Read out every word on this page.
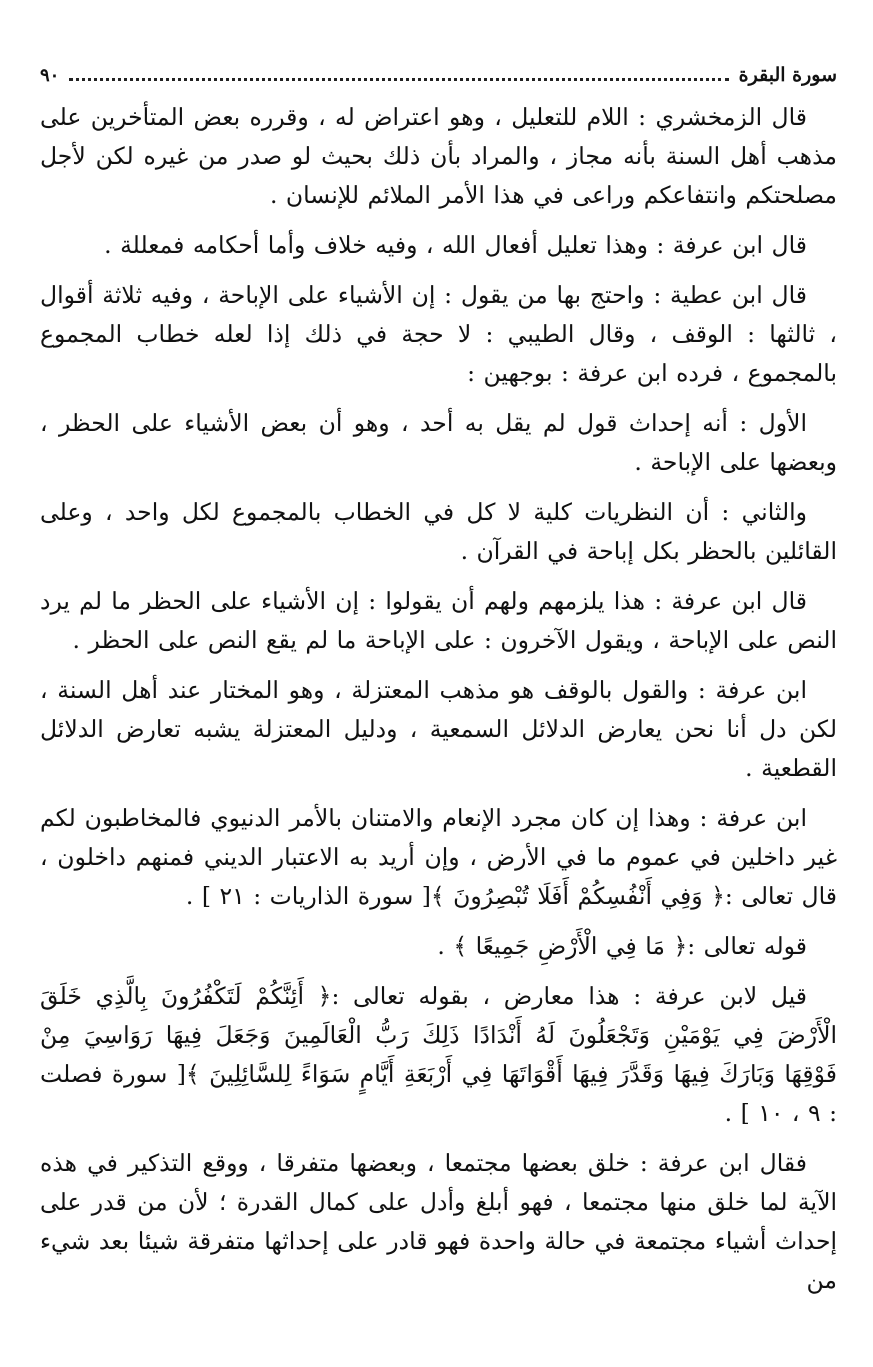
سورة البقرة
٩٠

قال الزمخشري : اللام للتعليل ، وهو اعتراض له ، وقرره بعض المتأخرين على مذهب أهل السنة بأنه مجاز ، والمراد بأن ذلك بحيث لو صدر من غيره لكن لأجل مصلحتكم وانتفاعكم وراعى في هذا الأمر الملائم للإنسان .

قال ابن عرفة : وهذا تعليل أفعال الله ، وفيه خلاف وأما أحكامه فمعللة .

قال ابن عطية : واحتج بها من يقول : إن الأشياء على الإباحة ، وفيه ثلاثة أقوال ، ثالثها : الوقف ، وقال الطيبي : لا حجة في ذلك إذا لعله خطاب المجموع بالمجموع ، فرده ابن عرفة : بوجهين :

الأول : أنه إحداث قول لم يقل به أحد ، وهو أن بعض الأشياء على الحظر ، وبعضها على الإباحة .

والثاني : أن النظريات كلية لا كل في الخطاب بالمجموع لكل واحد ، وعلى القائلين بالحظر بكل إباحة في القرآن .

قال ابن عرفة : هذا يلزمهم ولهم أن يقولوا : إن الأشياء على الحظر ما لم يرد النص على الإباحة ، ويقول الآخرون : على الإباحة ما لم يقع النص على الحظر .

ابن عرفة : والقول بالوقف هو مذهب المعتزلة ، وهو المختار عند أهل السنة ، لكن دل أنا نحن يعارض الدلائل السمعية ، ودليل المعتزلة يشبه تعارض الدلائل القطعية .

ابن عرفة : وهذا إن كان مجرد الإنعام والامتنان بالأمر الدنيوي فالمخاطبون لكم غير داخلين في عموم ما في الأرض ، وإن أريد به الاعتبار الديني فمنهم داخلون ، قال تعالى :﴿ وَفِي أَنْفُسِكُمْ أَفَلَا تُبْصِرُونَ ﴾[ سورة الذاريات : ٢١ ] .

قوله تعالى :﴿ مَا فِي الْأَرْضِ جَمِيعًا ﴾ .

قيل لابن عرفة : هذا معارض ، بقوله تعالى :﴿ أَئِنَّكُمْ لَتَكْفُرُونَ بِالَّذِي خَلَقَ الْأَرْضَ فِي يَوْمَيْنِ وَتَجْعَلُونَ لَهُ أَنْدَادًا ذَلِكَ رَبُّ الْعَالَمِينَ وَجَعَلَ فِيهَا رَوَاسِيَ مِنْ فَوْقِهَا وَبَارَكَ فِيهَا وَقَدَّرَ فِيهَا أَقْوَاتَهَا فِي أَرْبَعَةِ أَيَّامٍ سَوَاءً لِلسَّائِلِينَ ﴾[ سورة فصلت : ٩ ، ١٠ ] .

فقال ابن عرفة : خلق بعضها مجتمعا ، وبعضها متفرقا ، ووقع التذكير في هذه الآية لما خلق منها مجتمعا ، فهو أبلغ وأدل على كمال القدرة ؛ لأن من قدر على إحداث أشياء مجتمعة في حالة واحدة فهو قادر على إحداثها متفرقة شيئا بعد شيء من
